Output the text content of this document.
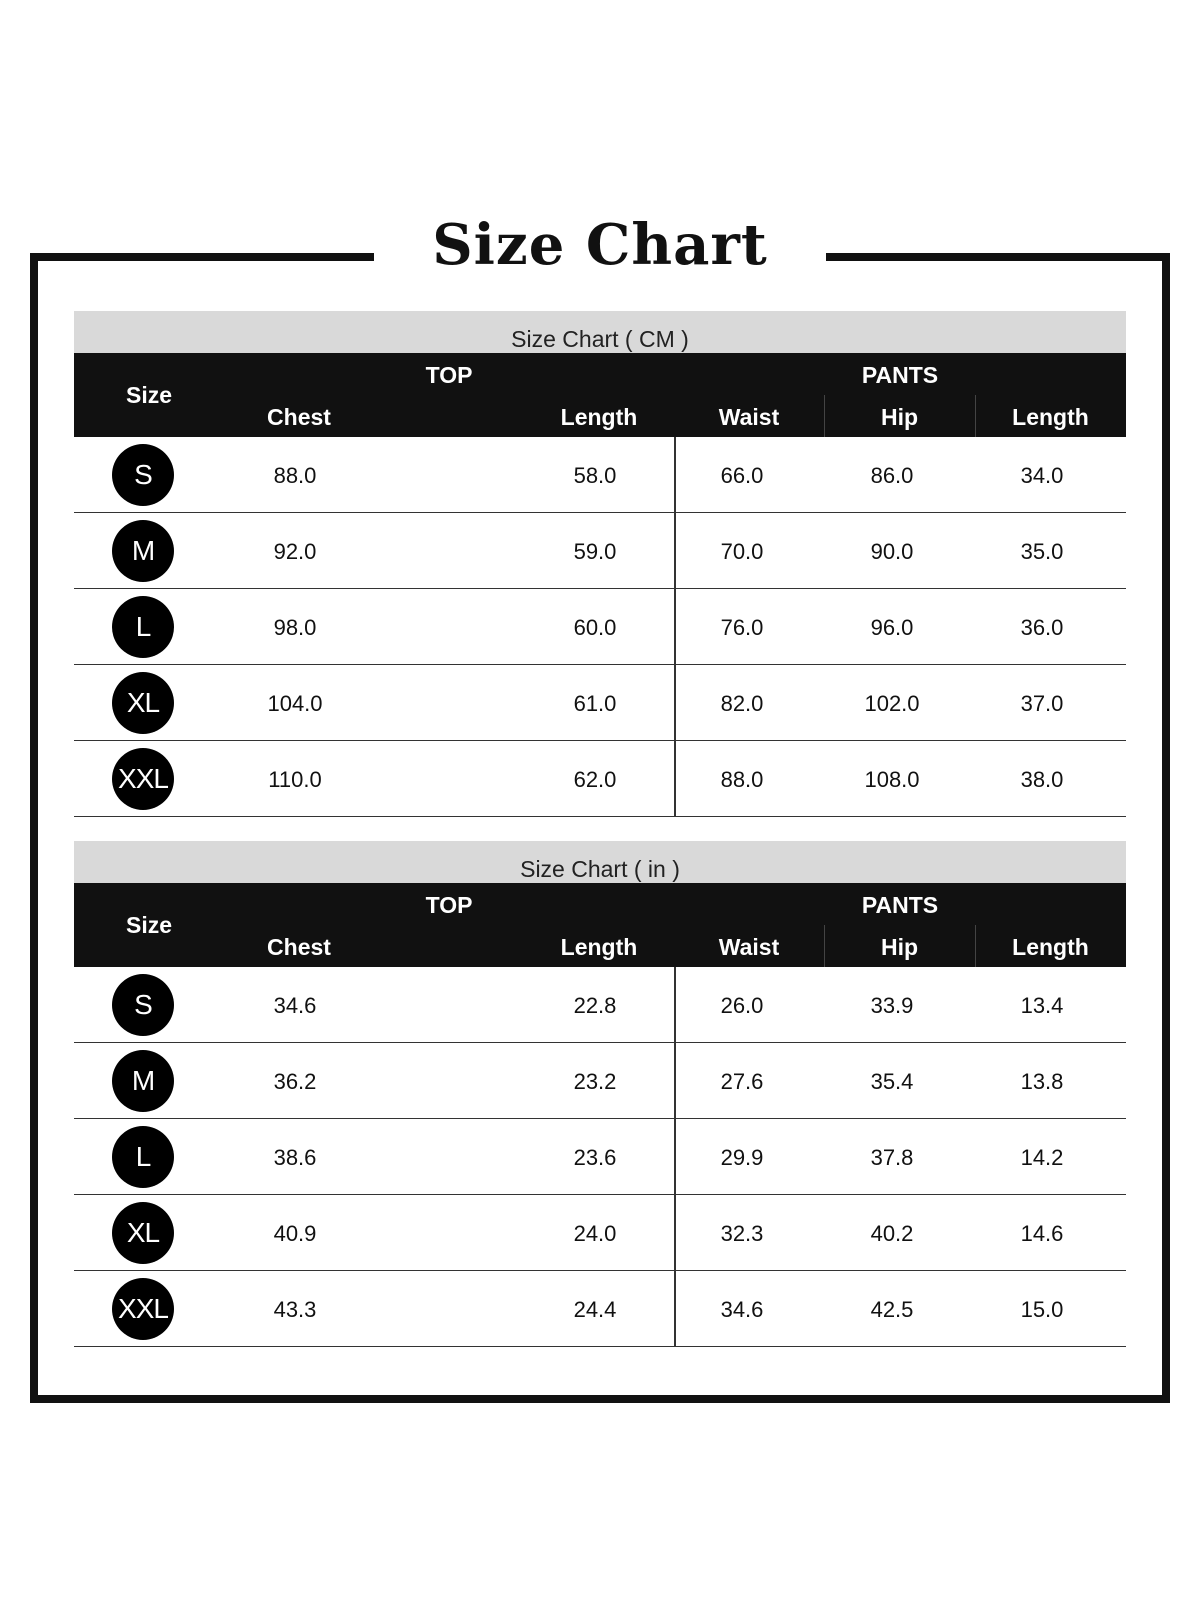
Size Chart
Size Chart ( CM )
Size
TOP	PANTS
Chest	Length	Waist	Hip	Length
S	88.0	58.0	66.0	86.0	34.0
M	92.0	59.0	70.0	90.0	35.0
L	98.0	60.0	76.0	96.0	36.0
XL	104.0	61.0	82.0	102.0	37.0
XXL	110.0	62.0	88.0	108.0	38.0
Size Chart ( in )
Size
TOP	PANTS
Chest	Length	Waist	Hip	Length
S	34.6	22.8	26.0	33.9	13.4
M	36.2	23.2	27.6	35.4	13.8
L	38.6	23.6	29.9	37.8	14.2
XL	40.9	24.0	32.3	40.2	14.6
XXL	43.3	24.4	34.6	42.5	15.0
